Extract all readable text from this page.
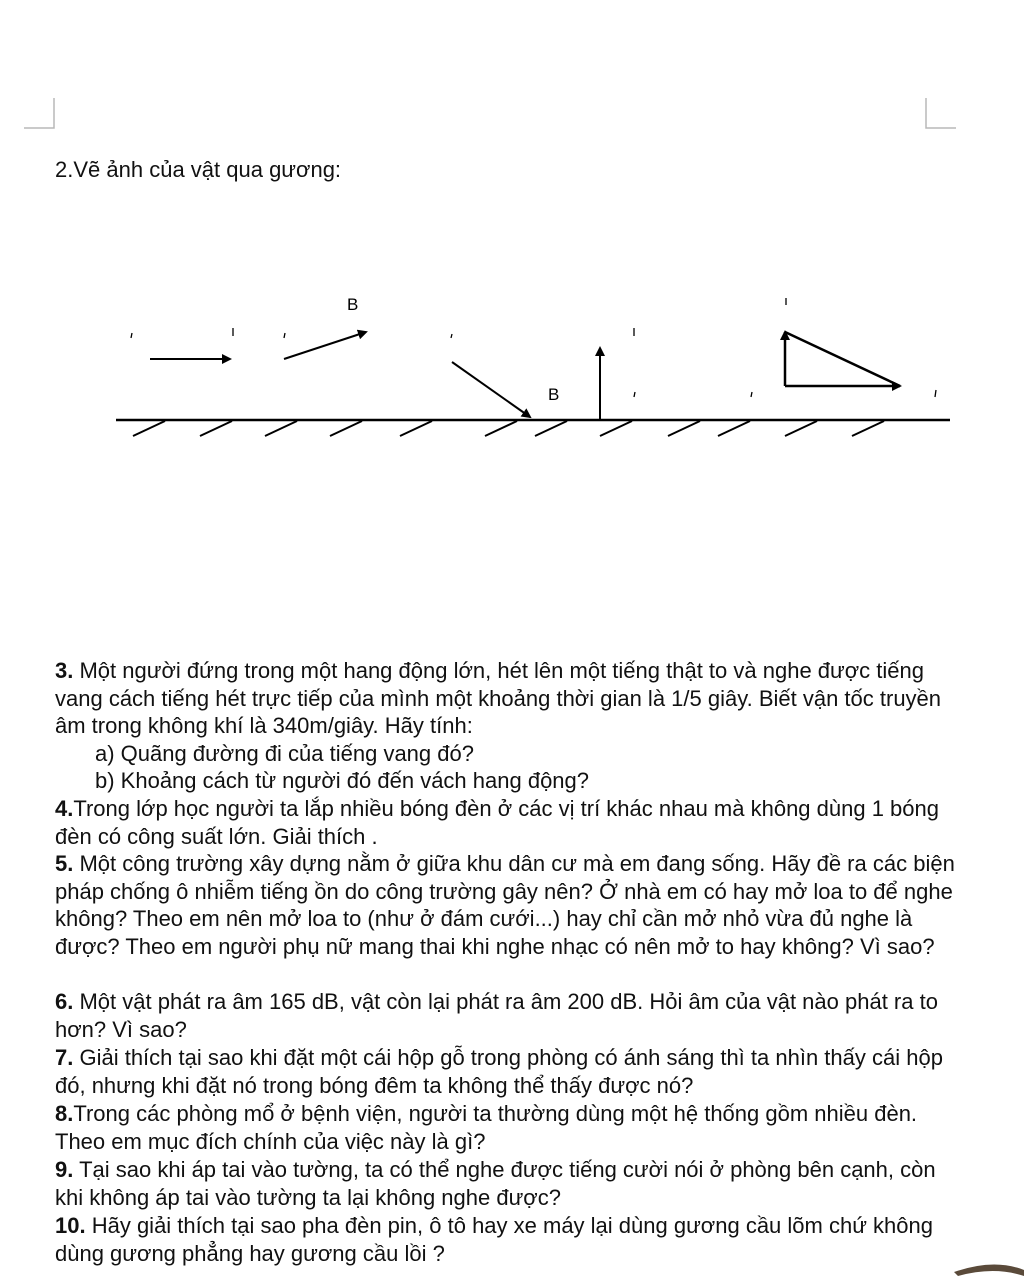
2.Vẽ ảnh của vật qua gương:

B
B

3. Một người đứng trong một hang động lớn, hét lên một tiếng thật to và nghe được tiếng vang cách tiếng hét trực tiếp của mình một khoảng thời gian là 1/5 giây. Biết vận tốc truyền âm trong không khí là 340m/giây. Hãy tính:

a) Quãng đường đi của tiếng vang đó?

b) Khoảng cách từ người đó đến vách hang động?

4.Trong lớp học người ta lắp nhiều bóng đèn ở các vị trí khác nhau mà không dùng 1 bóng đèn có công suất lớn. Giải thích .

5. Một công trường xây dựng nằm ở giữa khu dân cư mà em đang sống. Hãy đề ra các biện pháp chống ô nhiễm tiếng ồn do công trường gây nên? Ở nhà em có hay mở loa to để nghe không? Theo em nên mở loa to (như ở đám cưới...) hay chỉ cần mở nhỏ vừa đủ nghe là được? Theo em người phụ nữ mang thai khi nghe nhạc có nên mở to hay không? Vì sao?

6. Một vật phát ra âm 165 dB, vật còn lại phát ra âm 200 dB. Hỏi âm của vật nào phát ra to hơn? Vì sao?

7. Giải thích tại sao khi đặt một cái hộp gỗ trong phòng có ánh sáng thì ta nhìn thấy cái hộp đó, nhưng khi đặt nó trong bóng đêm ta không thể thấy được nó?

8.Trong các phòng mổ ở bệnh viện, người ta thường dùng một hệ thống gồm nhiều đèn. Theo em mục đích chính của việc này là gì?

9. Tại sao khi áp tai vào tường, ta có thể nghe được tiếng cười nói ở phòng bên cạnh, còn khi không áp tai vào tường ta lại không nghe được?

10. Hãy giải thích tại sao pha đèn pin, ô tô hay xe máy lại dùng gương cầu lõm chứ không dùng gương phẳng hay gương cầu lồi ?
